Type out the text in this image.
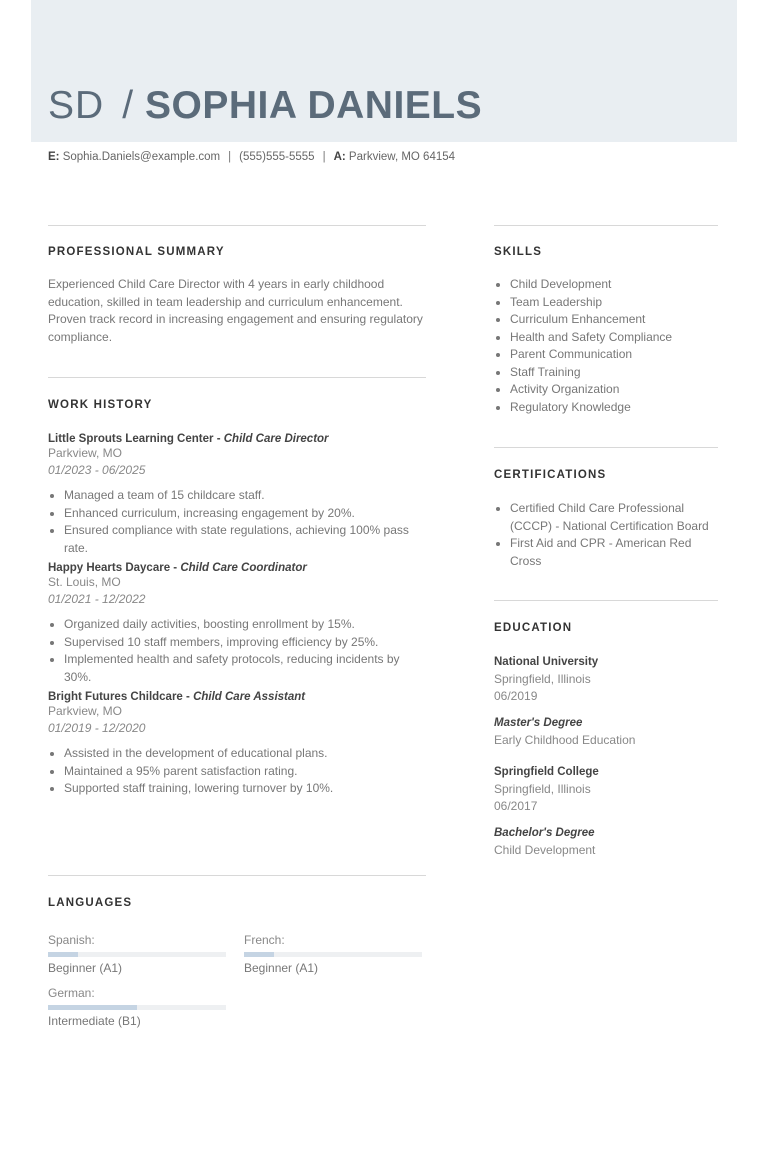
SD / SOPHIA DANIELS
E: Sophia.Daniels@example.com | (555)555-5555 | A: Parkview, MO 64154
PROFESSIONAL SUMMARY
Experienced Child Care Director with 4 years in early childhood education, skilled in team leadership and curriculum enhancement. Proven track record in increasing engagement and ensuring regulatory compliance.
WORK HISTORY
Little Sprouts Learning Center - Child Care Director
Parkview, MO
01/2023 - 06/2025
• Managed a team of 15 childcare staff.
• Enhanced curriculum, increasing engagement by 20%.
• Ensured compliance with state regulations, achieving 100% pass rate.
Happy Hearts Daycare - Child Care Coordinator
St. Louis, MO
01/2021 - 12/2022
• Organized daily activities, boosting enrollment by 15%.
• Supervised 10 staff members, improving efficiency by 25%.
• Implemented health and safety protocols, reducing incidents by 30%.
Bright Futures Childcare - Child Care Assistant
Parkview, MO
01/2019 - 12/2020
• Assisted in the development of educational plans.
• Maintained a 95% parent satisfaction rating.
• Supported staff training, lowering turnover by 10%.
LANGUAGES
Spanish:
Beginner (A1)
French:
Beginner (A1)
German:
Intermediate (B1)
SKILLS
• Child Development
• Team Leadership
• Curriculum Enhancement
• Health and Safety Compliance
• Parent Communication
• Staff Training
• Activity Organization
• Regulatory Knowledge
CERTIFICATIONS
• Certified Child Care Professional (CCCP) - National Certification Board
• First Aid and CPR - American Red Cross
EDUCATION
National University
Springfield, Illinois
06/2019
Master's Degree
Early Childhood Education
Springfield College
Springfield, Illinois
06/2017
Bachelor's Degree
Child Development
